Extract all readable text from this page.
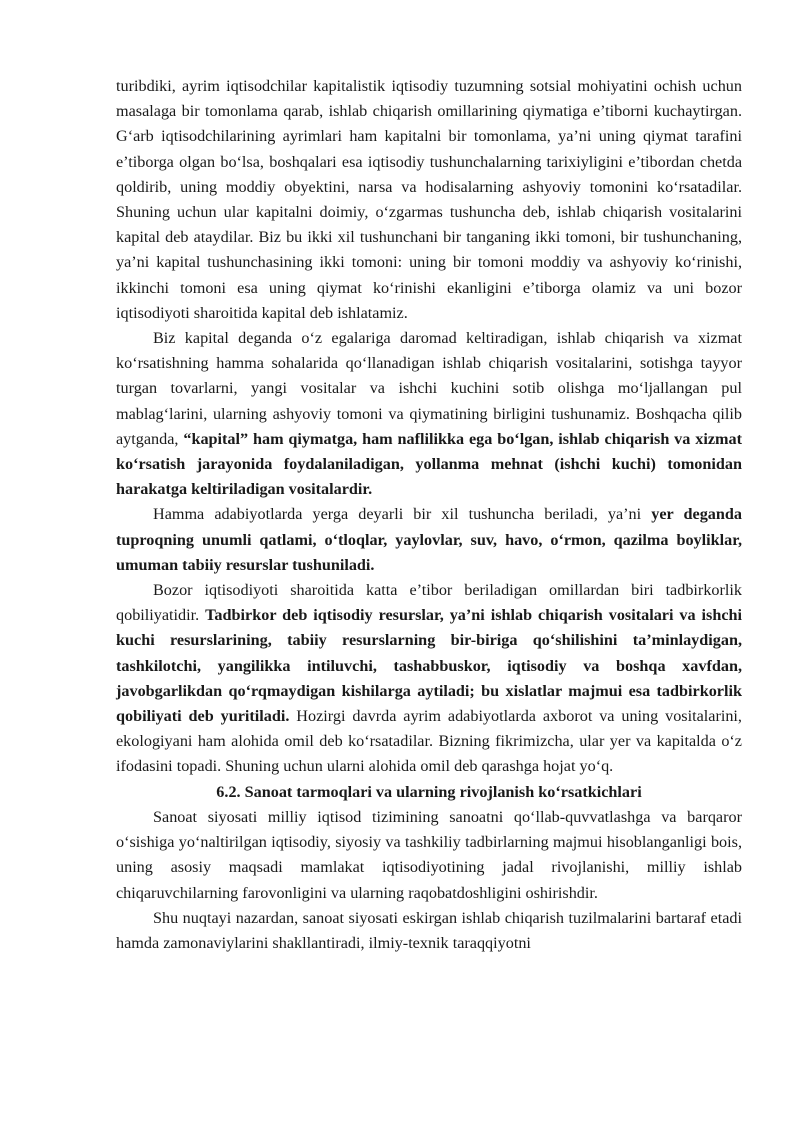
turibdiki, ayrim iqtisodchilar kapitalistik iqtisodiy tuzumning sotsial mohiyatini ochish uchun masalaga bir tomonlama qarab, ishlab chiqarish omillarining qiymatiga e’tiborni kuchaytirgan. G‘arb iqtisodchilarining ayrimlari ham kapitalni bir tomonlama, ya’ni uning qiymat tarafini e’tiborga olgan bo‘lsa, boshqalari esa iqtisodiy tushunchalarning tarixiyligini e’tibordan chetda qoldirib, uning moddiy obyektini, narsa va hodisalarning ashyoviy tomonini ko‘rsatadilar. Shuning uchun ular kapitalni doimiy, o‘zgarmas tushuncha deb, ishlab chiqarish vositalarini kapital deb ataydilar. Biz bu ikki xil tushunchani bir tanganing ikki tomoni, bir tushunchaning, ya’ni kapital tushunchasining ikki tomoni: uning bir tomoni moddiy va ashyoviy ko‘rinishi, ikkinchi tomoni esa uning qiymat ko‘rinishi ekanligini e’tiborga olamiz va uni bozor iqtisodiyoti sharoitida kapital deb ishlatamiz.

Biz kapital deganda o‘z egalariga daromad keltiradigan, ishlab chiqarish va xizmat ko‘rsatishning hamma sohalarida qo‘llanadigan ishlab chiqarish vositalarini, sotishga tayyor turgan tovarlarni, yangi vositalar va ishchi kuchini sotib olishga mo‘ljallangan pul mablag‘larini, ularning ashyoviy tomoni va qiymatining birligini tushunamiz. Boshqacha qilib aytganda, “kapital” ham qiymatga, ham naflilikka ega bo‘lgan, ishlab chiqarish va xizmat ko‘rsatish jarayonida foydalaniladigan, yollanma mehnat (ishchi kuchi) tomonidan harakatga keltiriladigan vositalardir.

Hamma adabiyotlarda yerga deyarli bir xil tushuncha beriladi, ya’ni yer deganda tuproqning unumli qatlami, o‘tloqlar, yaylovlar, suv, havo, o‘rmon, qazilma boyliklar, umuman tabiiy resurslar tushuniladi.

Bozor iqtisodiyoti sharoitida katta e’tibor beriladigan omillardan biri tadbirkorlik qobiliyatidir. Tadbirkor deb iqtisodiy resurslar, ya’ni ishlab chiqarish vositalari va ishchi kuchi resurslarining, tabiiy resurslarning bir-biriga qo‘shilishini ta’minlaydigan, tashkilotchi, yangilikka intiluvchi, tashabbuskor, iqtisodiy va boshqa xavfdan, javobgarlikdan qo‘rqmaydigan kishilarga aytiladi; bu xislatlar majmui esa tadbirkorlik qobiliyati deb yuritiladi. Hozirgi davrda ayrim adabiyotlarda axborot va uning vositalarini, ekologiyani ham alohida omil deb ko‘rsatadilar. Bizning fikrimizcha, ular yer va kapitalda o‘z ifodasini topadi. Shuning uchun ularni alohida omil deb qarashga hojat yo‘q.

6.2. Sanoat tarmoqlari va ularning rivojlanish ko‘rsatkichlari

Sanoat siyosati milliy iqtisod tizimining sanoatni qo‘llab-quvvatlashga va barqaror o‘sishiga yo‘naltirilgan iqtisodiy, siyosiy va tashkiliy tadbirlarning majmui hisoblanganligi bois, uning asosiy maqsadi mamlakat iqtisodiyotining jadal rivojlanishi, milliy ishlab chiqaruvchilarning farovonligini va ularning raqobatdoshligini oshirishdir.

Shu nuqtayi nazardan, sanoat siyosati eskirgan ishlab chiqarish tuzilmalarini bartaraf etadi hamda zamonaviylarini shakllantiradi, ilmiy-texnik taraqqiyotni
